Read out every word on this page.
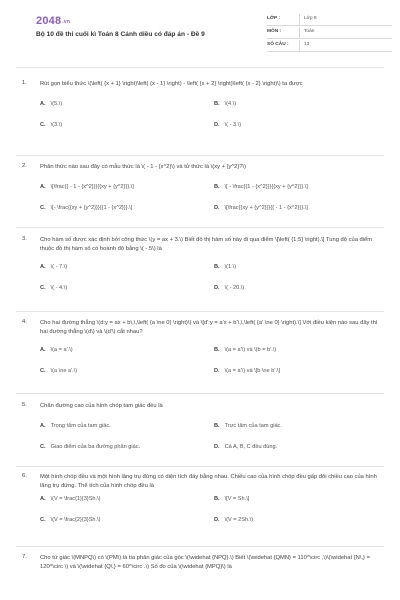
2048.vn
Bộ 10 đề thi cuối kì Toán 8 Cánh diều có đáp án - Đề 9
LỚP :	Lớp 8
MÔN :	Toán
SỐ CÂU :	13
1. Rút gọn biểu thức \(\left( {x + 1} \right)\left( {x - 1} \right) - \left( {x + 2} \right)\left( {x - 2} \right)\) ta được
A. \(5.\)	B. \(4.\)
C. \(3.\)	D. \( - 3.\)
2. Phân thức nào sau đây có mẫu thức là \( - 1 - {x^2}\) và tử thức là \(xy + {y^2}?\)
A. \[\frac{{ - 1 - {x^2}}}{{xy + {y^2}}}.\]	B. \[ - \frac{{1 - {x^2}}}{{xy + {y^2}}}.\]
C. \[- \frac{{xy + {y^2}}}{{1 - {x^2}}}.\]	D. \[\frac{{xy + {y^2}}}{{ - 1 - {x^2}}}.\]
3. Cho hàm số được xác định bởi công thức \(y = ax + 3.\) Biết đồ thị hàm số này đi qua điểm \[\left( {1;5} \right).\] Tung độ của điểm thuộc đồ thị hàm số có hoành độ bằng \( - 5\) là
A. \( - 7.\)	B. \(1.\)
C. \( - 4.\)	D. \( - 20.\)
4. Cho hai đường thẳng \(d:y = ax + b\,\,\left( {a \ne 0} \right)\) và \[d':y = a'x + b'\,\,\left( {a' \ne 0} \right).\] Với điều kiện nào sau đây thì hai đường thẳng \(d\) và \(d'\) cắt nhau?
A. \(a = a'.\)	B. \(a = a'\) và \(b = b'.\)
C. \(a \ne a'.\)	D. \(a = a'\) và \[b \ne b'.\]
5. Chân đường cao của hình chóp tam giác đều là
A. Trọng tâm của tam giác.	B. Trực tâm của tam giác.
C. Giao điểm của ba đường phân giác.	D. Cả A, B, C đều đúng.
6. Một hình chóp đều và một hình lăng trụ đứng có diện tích đáy bằng nhau. Chiều cao của hình chóp đều gấp đôi chiều cao của hình lăng trụ đứng. Thể tích của hình chóp đều là
A. \(V = \frac{1}{3}Sh.\)	B. \[V = Sh.\]
C. \(V = \frac{2}{3}Sh.\)	D. \(V = 2Sh.\)
7. Cho tứ giác \(MNPQ\) có \(PM\) là tia phân giác của góc \(\widehat {NPQ}.\) Biết \(\widehat {QMN} = 110^\circ ,\)\(\widehat {N\,} = 120^\circ \) và \(\widehat {Q\,} = 60^\circ .\) Số đo của \(\widehat {MPQ}\) là
